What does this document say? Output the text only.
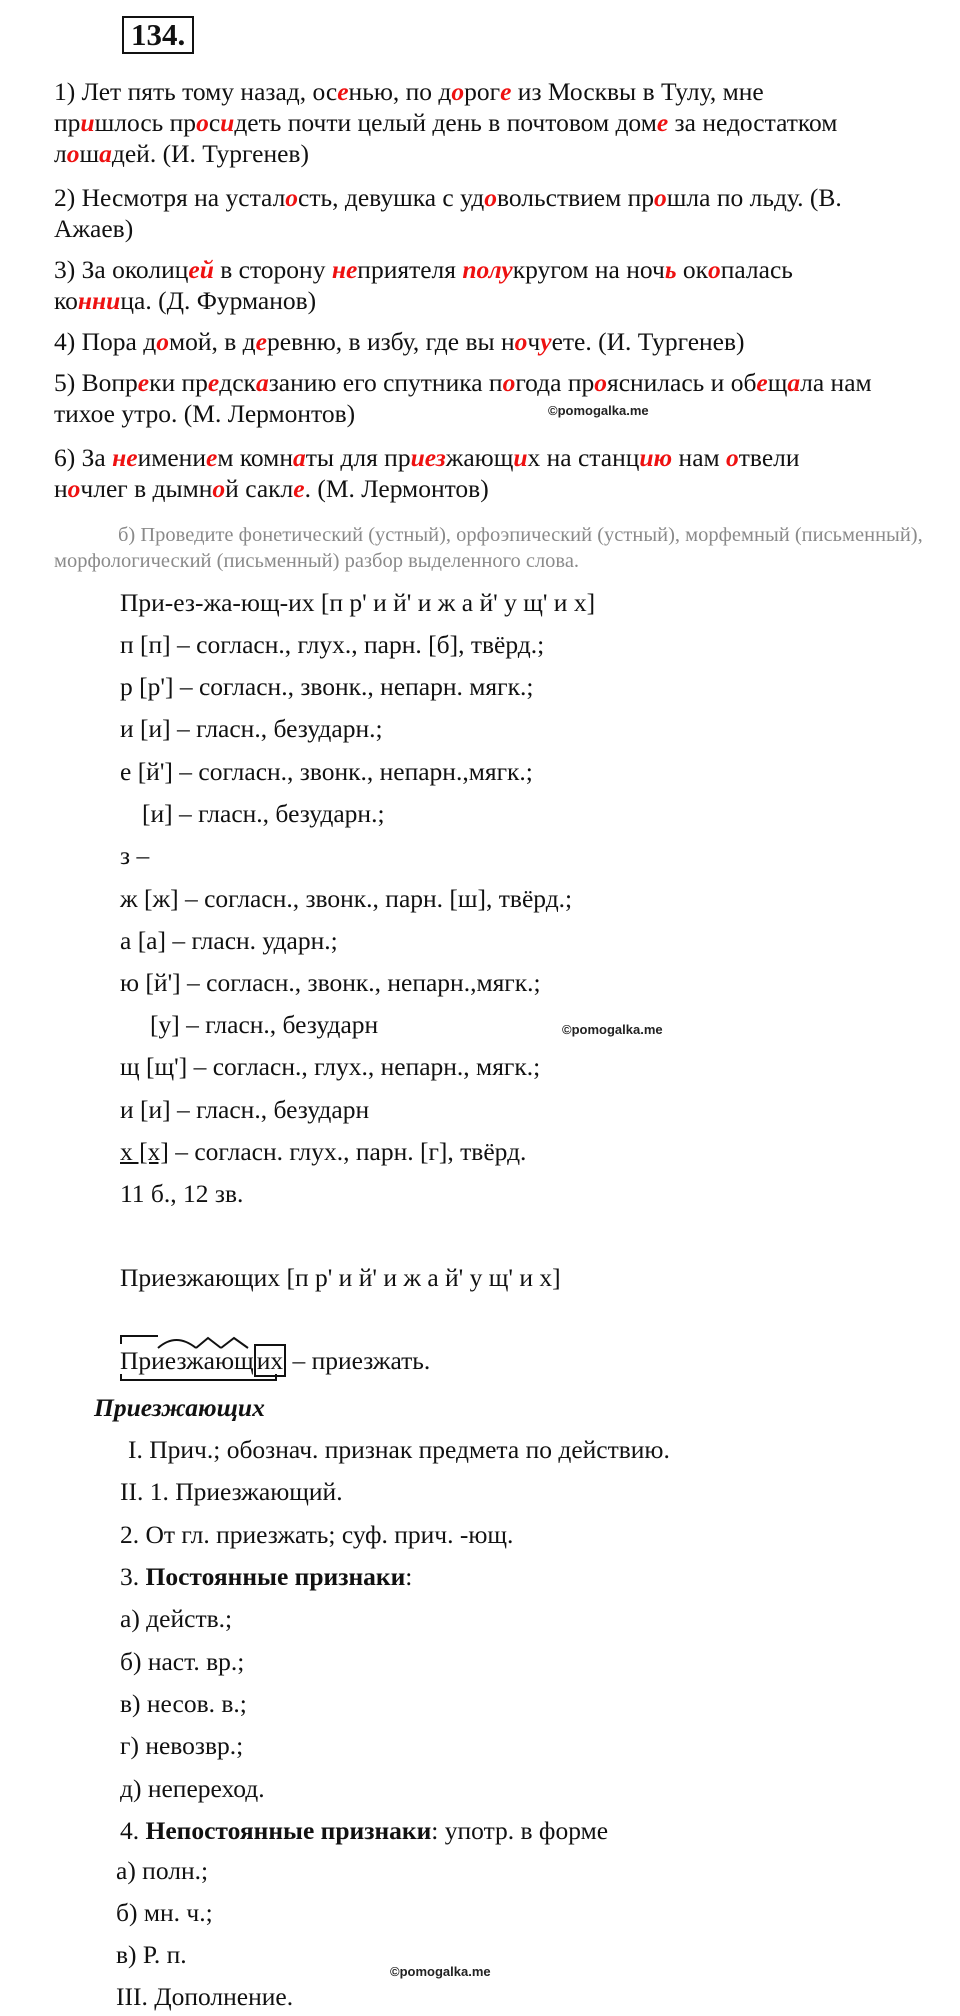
134.
1) Лет пять тому назад, осенью, по дороге из Москвы в Тулу, мне
пришлось просидеть почти целый день в почтовом доме за недостатком
лошадей. (И. Тургенев)
2) Несмотря на усталость, девушка с удовольствием прошла по льду. (В.
Ажаев)
3) За околицей в сторону неприятеля полукругом на ночь окопалась
конница. (Д. Фурманов)
4) Пора домой, в деревню, в избу, где вы ночуете. (И. Тургенев)
5) Вопреки предсказанию его спутника погода прояснилась и обещала нам
тихое утро. (М. Лермонтов)	©pomogalka.me
6) За неимением комнаты для приезжающих на станцию нам отвели
ночлег в дымной сакле. (М. Лермонтов)
б) Проведите фонетический (устный), орфоэпический (устный), морфемный (письменный), морфологический (письменный) разбор выделенного слова.
При-ез-жа-ющ-их [п р' и й' и ж а й' у щ' и х]
п [п] – согласн., глух., парн. [б], твёрд.;
р [р'] – согласн., звонк., непарн. мягк.;
и [и] – гласн., безударн.;
е [й'] – согласн., звонк., непарн.,мягк.;
[и] – гласн., безударн.;
з –
ж [ж] – согласн., звонк., парн. [ш], твёрд.;
а [а] – гласн. ударн.;
ю [й'] – согласн., звонк., непарн.,мягк.;
[у] – гласн., безударн	©pomogalka.me
щ [щ'] – согласн., глух., непарн., мягк.;
и [и] – гласн., безударн
х [х] – согласн. глух., парн. [г], твёрд.
11 б., 12 зв.
Приезжающих [п р' и й' и ж а й' у щ' и х]
Приезжающ их – приезжать.
Приезжающих
I. Прич.; обознач. признак предмета по действию.
II. 1. Приезжающий.
2. От гл. приезжать; суф. прич. -ющ.
3. Постоянные признаки:
а) действ.;
б) наст. вр.;
в) несов. в.;
г) невозвр.;
д) непереход.
4. Непостоянные признаки: употр. в форме
а) полн.;
б) мн. ч.;
в) Р. п.
©pomogalka.me
III. Дополнение.
